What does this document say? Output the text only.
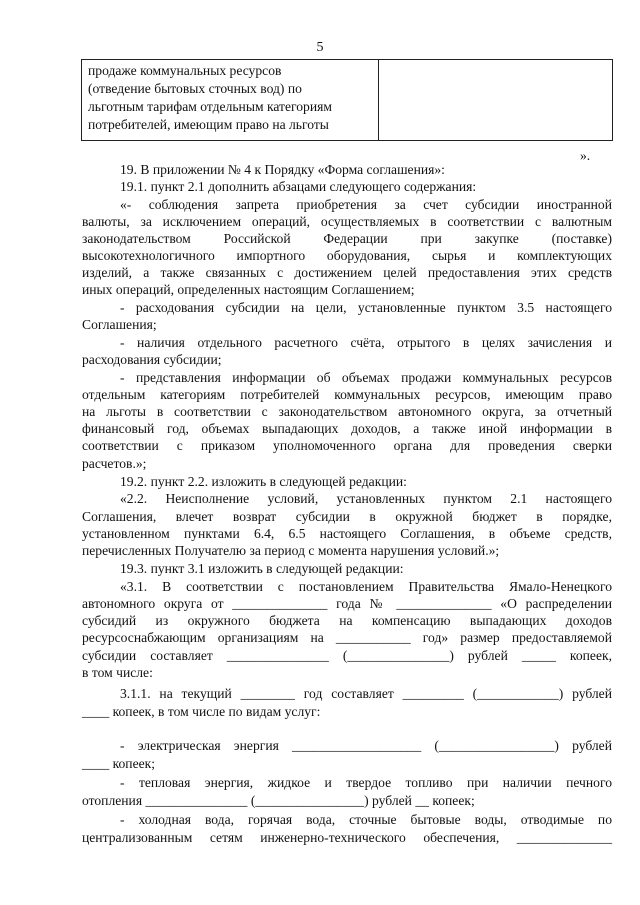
5
продаже коммунальных ресурсов
(отведение бытовых сточных вод) по
льготным тарифам отдельным категориям
потребителей, имеющим право на льготы

».
19. В приложении № 4 к Порядку «Форма соглашения»:
19.1. пункт 2.1 дополнить абзацами следующего содержания:
«- соблюдения запрета приобретения за счет субсидии иностранной
валюты, за исключением операций, осуществляемых в соответствии с валютным
законодательством Российской Федерации при закупке (поставке)
высокотехнологичного импортного оборудования, сырья и комплектующих
изделий, а также связанных с достижением целей предоставления этих средств
иных операций, определенных настоящим Соглашением;
- расходования субсидии на цели, установленные пунктом 3.5 настоящего
Соглашения;
- наличия отдельного расчетного счёта, отрытого в целях зачисления и
расходования субсидии;
- представления информации об объемах продажи коммунальных ресурсов
отдельным категориям потребителей коммунальных ресурсов, имеющим право
на льготы в соответствии с законодательством автономного округа, за отчетный
финансовый год, объемах выпадающих доходов, а также иной информации в
соответствии с приказом уполномоченного органа для проведения сверки
расчетов.»;
19.2. пункт 2.2. изложить в следующей редакции:
«2.2. Неисполнение условий, установленных пунктом 2.1 настоящего
Соглашения, влечет возврат субсидии в окружной бюджет в порядке,
установленном пунктами 6.4, 6.5 настоящего Соглашения, в объеме средств,
перечисленных Получателю за период с момента нарушения условий.»;
19.3. пункт 3.1 изложить в следующей редакции:
«3.1. В соответствии с постановлением Правительства Ямало-Ненецкого
автономного округа от ______________ года № ______________ «О распределении
субсидий из окружного бюджета на компенсацию выпадающих доходов
ресурсоснабжающим организациям на ___________ год» размер предоставляемой
субсидии составляет _______________ (_______________) рублей _____ копеек,
в том числе:
3.1.1. на текущий ________ год составляет _________ (____________) рублей
____ копеек, в том числе по видам услуг:
- электрическая энергия ___________________ (_________________) рублей
____ копеек;
- тепловая энергия, жидкое и твердое топливо при наличии печного
отопления _______________ (________________) рублей __ копеек;
- холодная вода, горячая вода, сточные бытовые воды, отводимые по
централизованным сетям инженерно-технического обеспечения, ______________
